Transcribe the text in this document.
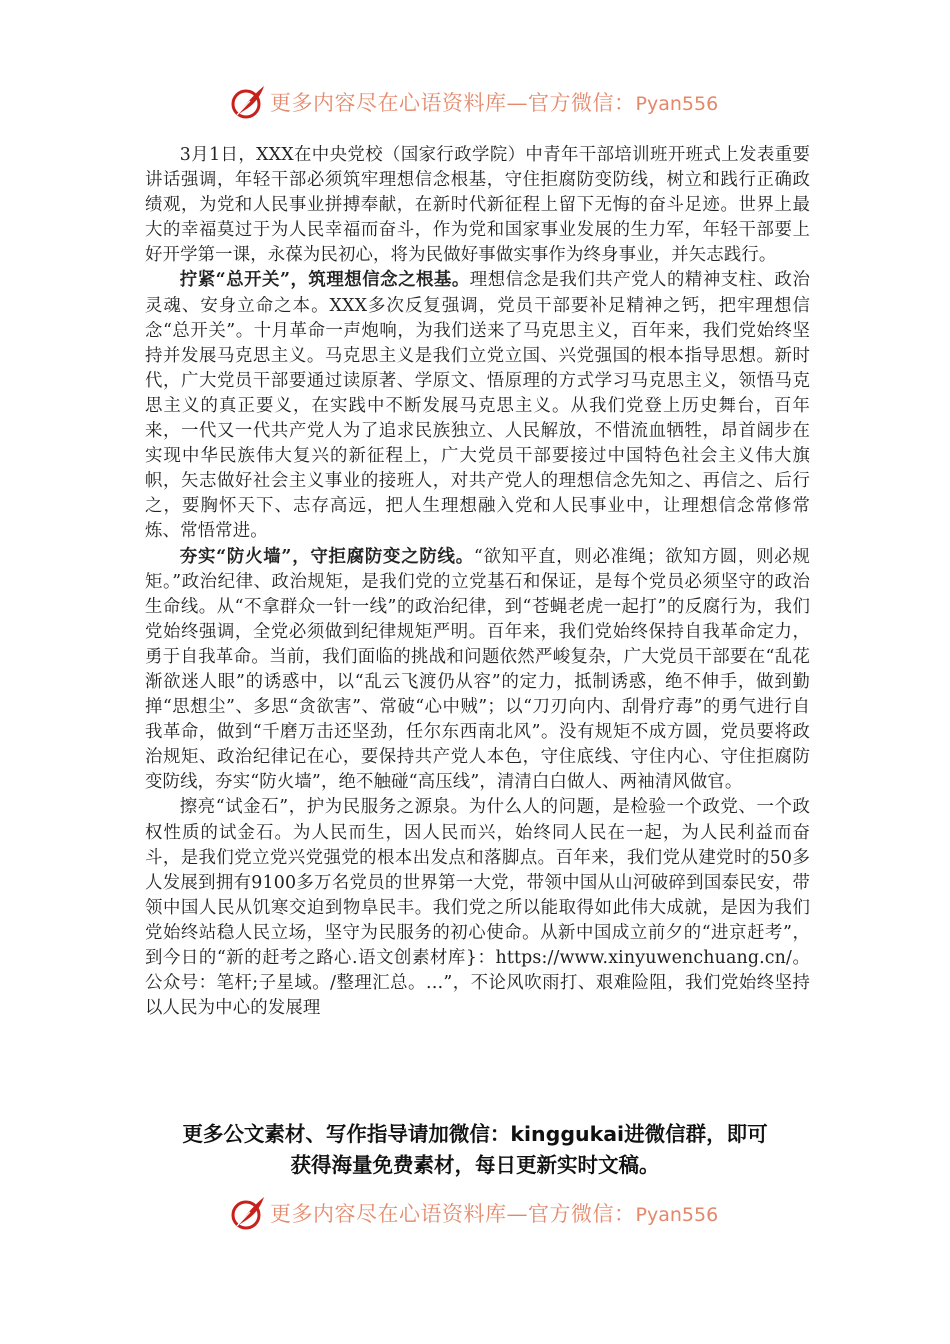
更多内容尽在心语资料库—官方微信：Pyan556

3月1日，XXX在中央党校（国家行政学院）中青年干部培训班开班式上发表重要讲话强调，年轻干部必须筑牢理想信念根基，守住拒腐防变防线，树立和践行正确政绩观，为党和人民事业拼搏奉献，在新时代新征程上留下无悔的奋斗足迹。世界上最大的幸福莫过于为人民幸福而奋斗，作为党和国家事业发展的生力军，年轻干部要上好开学第一课，永葆为民初心，将为民做好事做实事作为终身事业，并矢志践行。

拧紧“总开关”，筑理想信念之根基。理想信念是我们共产党人的精神支柱、政治灵魂、安身立命之本。XXX多次反复强调，党员干部要补足精神之钙，把牢理想信念“总开关”。十月革命一声炮响，为我们送来了马克思主义，百年来，我们党始终坚持并发展马克思主义。马克思主义是我们立党立国、兴党强国的根本指导思想。新时代，广大党员干部要通过读原著、学原文、悟原理的方式学习马克思主义，领悟马克思主义的真正要义，在实践中不断发展马克思主义。从我们党登上历史舞台，百年来，一代又一代共产党人为了追求民族独立、人民解放，不惜流血牺牲，昂首阔步在实现中华民族伟大复兴的新征程上，广大党员干部要接过中国特色社会主义伟大旗帜，矢志做好社会主义事业的接班人，对共产党人的理想信念先知之、再信之、后行之，要胸怀天下、志存高远，把人生理想融入党和人民事业中，让理想信念常修常炼、常悟常进。

夯实“防火墙”，守拒腐防变之防线。“欲知平直，则必准绳；欲知方圆，则必规矩。”政治纪律、政治规矩，是我们党的立党基石和保证，是每个党员必须坚守的政治生命线。从“不拿群众一针一线”的政治纪律，到“苍蝇老虎一起打”的反腐行为，我们党始终强调，全党必须做到纪律规矩严明。百年来，我们党始终保持自我革命定力，勇于自我革命。当前，我们面临的挑战和问题依然严峻复杂，广大党员干部要在“乱花渐欲迷人眼”的诱惑中，以“乱云飞渡仍从容”的定力，抵制诱惑，绝不伸手，做到勤掸“思想尘”、多思“贪欲害”、常破“心中贼”；以“刀刃向内、刮骨疗毒”的勇气进行自我革命，做到“千磨万击还坚劲，任尔东西南北风”。没有规矩不成方圆，党员要将政治规矩、政治纪律记在心，要保持共产党人本色，守住底线、守住内心、守住拒腐防变防线，夯实“防火墙”，绝不触碰“高压线”，清清白白做人、两袖清风做官。

擦亮“试金石”，护为民服务之源泉。为什么人的问题，是检验一个政党、一个政权性质的试金石。为人民而生，因人民而兴，始终同人民在一起，为人民利益而奋斗，是我们党立党兴党强党的根本出发点和落脚点。百年来，我们党从建党时的50多人发展到拥有9100多万名党员的世界第一大党，带领中国从山河破碎到国泰民安，带领中国人民从饥寒交迫到物阜民丰。我们党之所以能取得如此伟大成就，是因为我们党始终站稳人民立场，坚守为民服务的初心使命。从新中国成立前夕的“进京赶考”，到今日的“新的赶考之路心.语文创素材库}：https://www.xinyuwenchuang.cn/。公众号：笔杆;子星域。/整理汇总。…”，不论风吹雨打、艰难险阻，我们党始终坚持以人民为中心的发展理

更多公文素材、写作指导请加微信：kinggukai进微信群，即可
获得海量免费素材，每日更新实时文稿。
更多内容尽在心语资料库—官方微信：Pyan556
